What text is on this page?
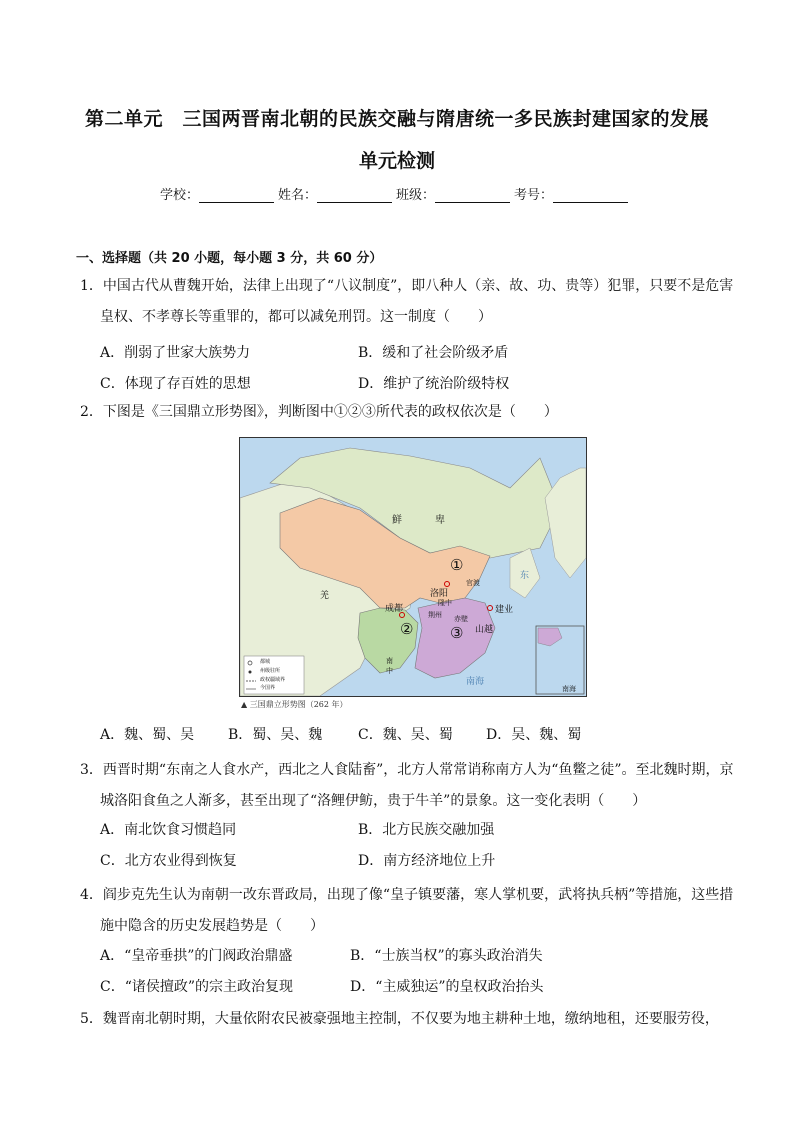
第二单元　三国两晋南北朝的民族交融与隋唐统一多民族封建国家的发展
单元检测
学校：	姓名：	班级：	考号：
一、选择题（共 20 小题，每小题 3 分，共 60 分）
1．中国古代从曹魏开始，法律上出现了“八议制度”，即八种人（亲、故、功、贵等）犯罪，只要不是危害
皇权、不孝尊长等重罪的，都可以减免刑罚。这一制度（　　）
A．削弱了世家大族势力	B．缓和了社会阶级矛盾
C．体现了存百姓的思想	D．维护了统治阶级特权
2．下图是《三国鼎立形势图》，判断图中①②③所代表的政权依次是（　　）
鲜	卑
①
官渡
洛阳
建业
隆中
成都
羌
②
荆州
③
赤壁
山越
南
中
东
南海
南海
都城
州级驻所
政权疆域界
今国界
▲ 三国鼎立形势图（262 年）
A．魏、蜀、吴 B．蜀、吴、魏	C．魏、吴、蜀 D．吴、魏、蜀
3．西晋时期“东南之人食水产，西北之人食陆畜”，北方人常常诮称南方人为“鱼鳖之徒”。至北魏时期，京
城洛阳食鱼之人渐多，甚至出现了“洛鲤伊鲂，贵于牛羊”的景象。这一变化表明（　　）
A．南北饮食习惯趋同	B．北方民族交融加强
C．北方农业得到恢复	D．南方经济地位上升
4．阎步克先生认为南朝一改东晋政局，出现了像“皇子镇要藩，寒人掌机要，武将执兵柄”等措施，这些措
施中隐含的历史发展趋势是（　　）
A．“皇帝垂拱”的门阀政治鼎盛	B．“士族当权”的寡头政治消失
C．“诸侯擅政”的宗主政治复现	D．“主威独运”的皇权政治抬头
5．魏晋南北朝时期，大量依附农民被豪强地主控制，不仅要为地主耕种土地，缴纳地租，还要服劳役，
